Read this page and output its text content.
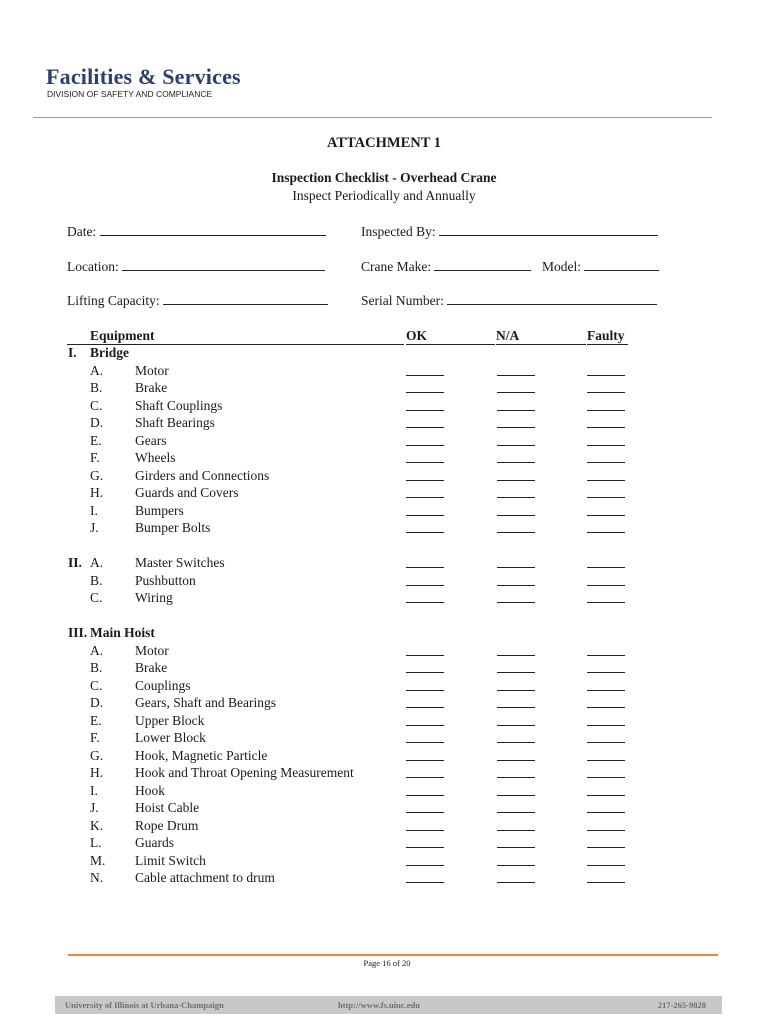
Facilities & Services
DIVISION OF SAFETY AND COMPLIANCE
ATTACHMENT 1
Inspection Checklist - Overhead Crane
Inspect Periodically and Annually
Date:	Inspected By:
Location:	Crane Make:	Model:
Lifting Capacity:	Serial Number:
Equipment	OK	N/A	Faulty
I. Bridge
A. Motor
B. Brake
C. Shaft Couplings
D. Shaft Bearings
E. Gears
F.	Wheels
G. Girders and Connections
H. Guards and Covers
I.	Bumpers
J.	Bumper Bolts
II. A. Master Switches
B. Pushbutton
C. Wiring
III. Main Hoist
A. Motor
B. Brake
C. Couplings
D. Gears, Shaft and Bearings
E. Upper Block
F.	Lower Block
G. Hook, Magnetic Particle
H. Hook and Throat Opening Measurement
I.	Hook
J.	Hoist Cable
K. Rope Drum
L. Guards
M. Limit Switch
N. Cable attachment to drum
Page 16 of 20
University of Illinois at Urbana-Champaign	http://www.fs.uiuc.edu	217-265-9828
